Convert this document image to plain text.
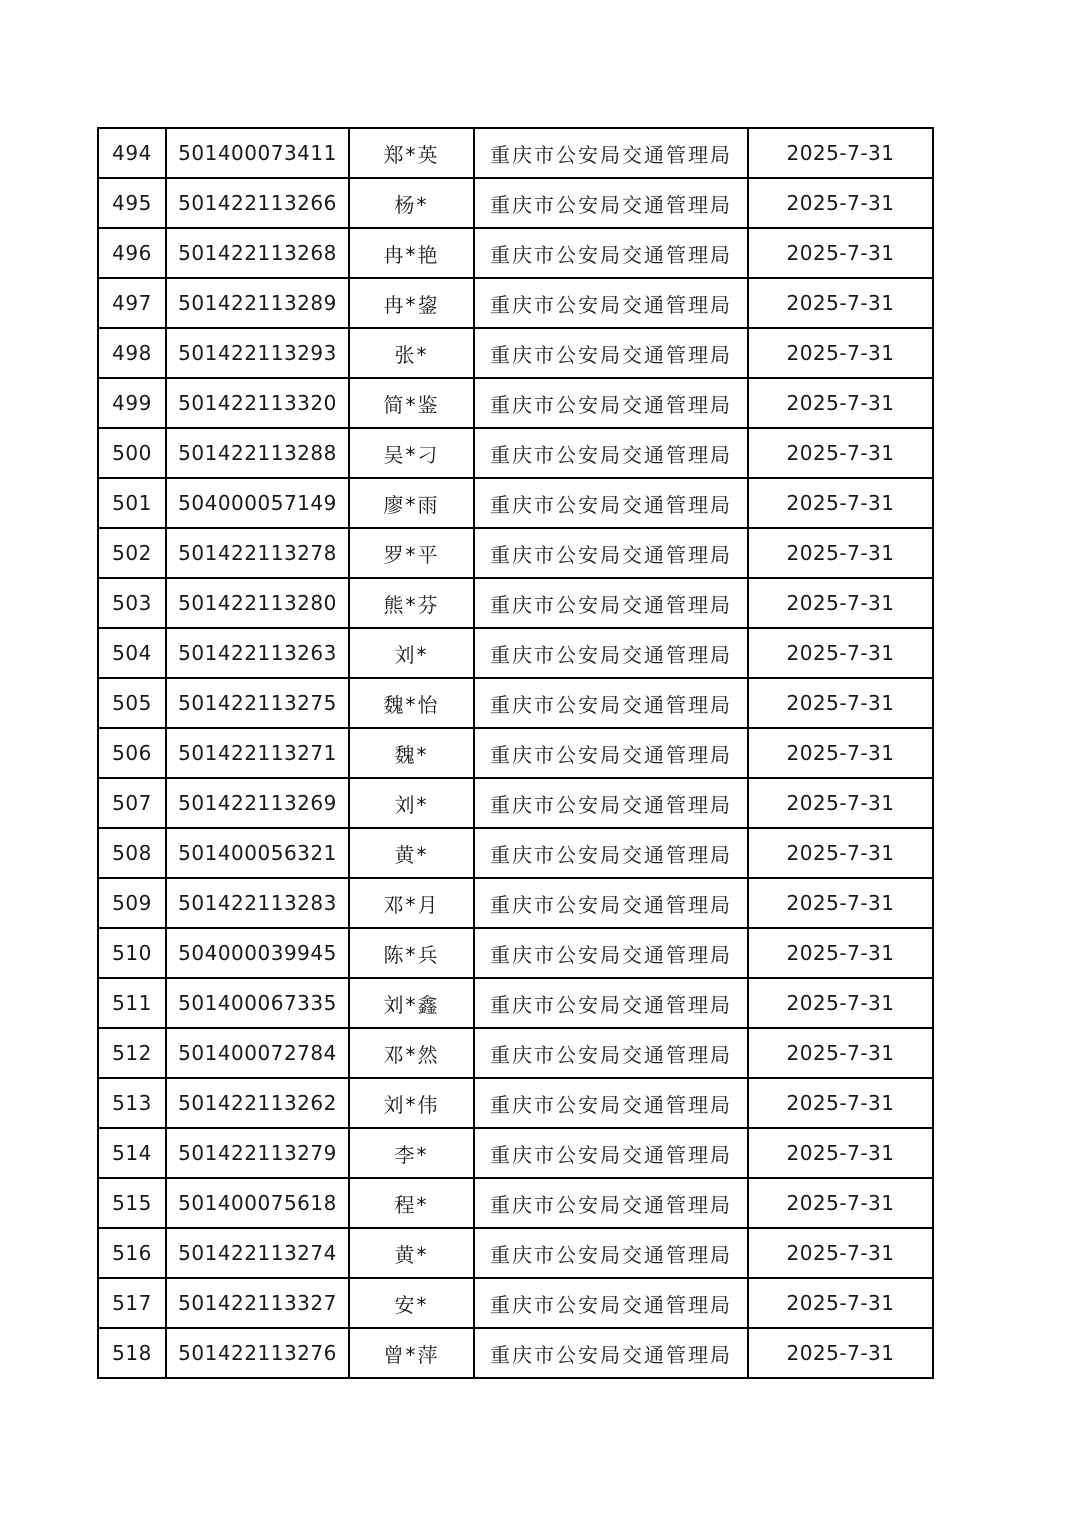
494	501400073411	郑*英	重庆市公安局交通管理局	2025-7-31
495	501422113266	杨*	重庆市公安局交通管理局	2025-7-31
496	501422113268	冉*艳	重庆市公安局交通管理局	2025-7-31
497	501422113289	冉*鋆	重庆市公安局交通管理局	2025-7-31
498	501422113293	张*	重庆市公安局交通管理局	2025-7-31
499	501422113320	简*鉴	重庆市公安局交通管理局	2025-7-31
500	501422113288	吴*刁	重庆市公安局交通管理局	2025-7-31
501	504000057149	廖*雨	重庆市公安局交通管理局	2025-7-31
502	501422113278	罗*平	重庆市公安局交通管理局	2025-7-31
503	501422113280	熊*芬	重庆市公安局交通管理局	2025-7-31
504	501422113263	刘*	重庆市公安局交通管理局	2025-7-31
505	501422113275	魏*怡	重庆市公安局交通管理局	2025-7-31
506	501422113271	魏*	重庆市公安局交通管理局	2025-7-31
507	501422113269	刘*	重庆市公安局交通管理局	2025-7-31
508	501400056321	黄*	重庆市公安局交通管理局	2025-7-31
509	501422113283	邓*月	重庆市公安局交通管理局	2025-7-31
510	504000039945	陈*兵	重庆市公安局交通管理局	2025-7-31
511	501400067335	刘*鑫	重庆市公安局交通管理局	2025-7-31
512	501400072784	邓*然	重庆市公安局交通管理局	2025-7-31
513	501422113262	刘*伟	重庆市公安局交通管理局	2025-7-31
514	501422113279	李*	重庆市公安局交通管理局	2025-7-31
515	501400075618	程*	重庆市公安局交通管理局	2025-7-31
516	501422113274	黄*	重庆市公安局交通管理局	2025-7-31
517	501422113327	安*	重庆市公安局交通管理局	2025-7-31
518	501422113276	曾*萍	重庆市公安局交通管理局	2025-7-31
